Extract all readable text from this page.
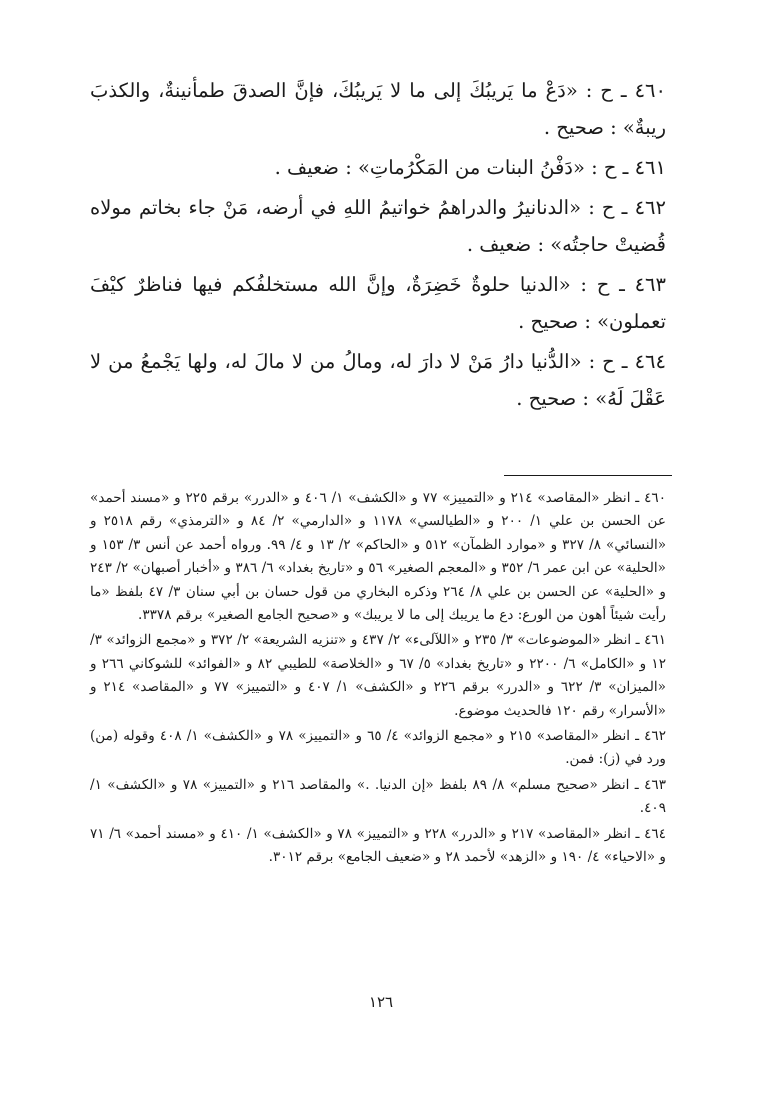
٤٦٠ ـ ح : «دَعْ ما يَريبُكَ إلى ما لا يَريبُكَ، فإنَّ الصدقَ طمأنينةٌ، والكذبَ ريبةٌ» : صحيح .

٤٦١ ـ ح : «دَفْنُ البنات من المَكْرُماتِ» : ضعيف .

٤٦٢ ـ ح : «الدنانيرُ والدراهمُ خواتيمُ اللهِ في أرضه، مَنْ جاء بخاتم مولاه قُضيتْ حاجتُه» : ضعيف .

٤٦٣ ـ ح : «الدنيا حلوةٌ خَضِرَةٌ، وإنَّ الله مستخلفُكم فيها فناظرٌ كيْفَ تعملون» : صحيح .

٤٦٤ ـ ح : «الدُّنيا دارُ مَنْ لا دارَ له، ومالُ من لا مالَ له، ولها يَجْمعُ من لا عَقْلَ لَهُ» : صحيح .

٤٦٠ ـ انظر «المقاصد» ٢١٤ و «التمييز» ٧٧ و «الكشف» ١/ ٤٠٦ و «الدرر» برقم ٢٢٥ و «مسند أحمد» عن الحسن بن علي ١/ ٢٠٠ و «الطيالسي» ١١٧٨ و «الدارمي» ٢/ ٨٤ و «الترمذي» رقم ٢٥١٨ و «النسائي» ٨/ ٣٢٧ و «موارد الظمآن» ٥١٢ و «الحاكم» ٢/ ١٣ و ٤/ ٩٩. ورواه أحمد عن أنس ٣/ ١٥٣ و «الحلية» عن ابن عمر ٦/ ٣٥٢ و «المعجم الصغير» ٥٦ و «تاريخ بغداد» ٦/ ٣٨٦ و «أخبار أصبهان» ٢/ ٢٤٣ و «الحلية» عن الحسن بن علي ٨/ ٢٦٤ وذكره البخاري من قول حسان بن أبي سنان ٣/ ٤٧ بلفظ «ما رأيت شيئاً أهون من الورع: دع ما يريبك إلى ما لا يريبك» و «صحيح الجامع الصغير» برقم ٣٣٧٨.

٤٦١ ـ انظر «الموضوعات» ٣/ ٢٣٥ و «اللآلىء» ٢/ ٤٣٧ و «تنزيه الشريعة» ٢/ ٣٧٢ و «مجمع الزوائد» ٣/ ١٢ و «الكامل» ٦/ ٢٢٠٠ و «تاريخ بغداد» ٥/ ٦٧ و «الخلاصة» للطيبي ٨٢ و «الفوائد» للشوكاني ٢٦٦ و «الميزان» ٣/ ٦٢٢ و «الدرر» برقم ٢٢٦ و «الكشف» ١/ ٤٠٧ و «التمييز» ٧٧ و «المقاصد» ٢١٤ و «الأسرار» رقم ١٢٠ فالحديث موضوع.

٤٦٢ ـ انظر «المقاصد» ٢١٥ و «مجمع الزوائد» ٤/ ٦٥ و «التمييز» ٧٨ و «الكشف» ١/ ٤٠٨ وقوله (من) ورد في (ز): فمن.

٤٦٣ ـ انظر «صحيح مسلم» ٨/ ٨٩ بلفظ «إن الدنيا. .» والمقاصد ٢١٦ و «التمييز» ٧٨ و «الكشف» ١/ ٤٠٩.

٤٦٤ ـ انظر «المقاصد» ٢١٧ و «الدرر» ٢٢٨ و «التمييز» ٧٨ و «الكشف» ١/ ٤١٠ و «مسند أحمد» ٦/ ٧١ و «الاحياء» ٤/ ١٩٠ و «الزهد» لأحمد ٢٨ و «ضعيف الجامع» برقم ٣٠١٢.

١٢٦
